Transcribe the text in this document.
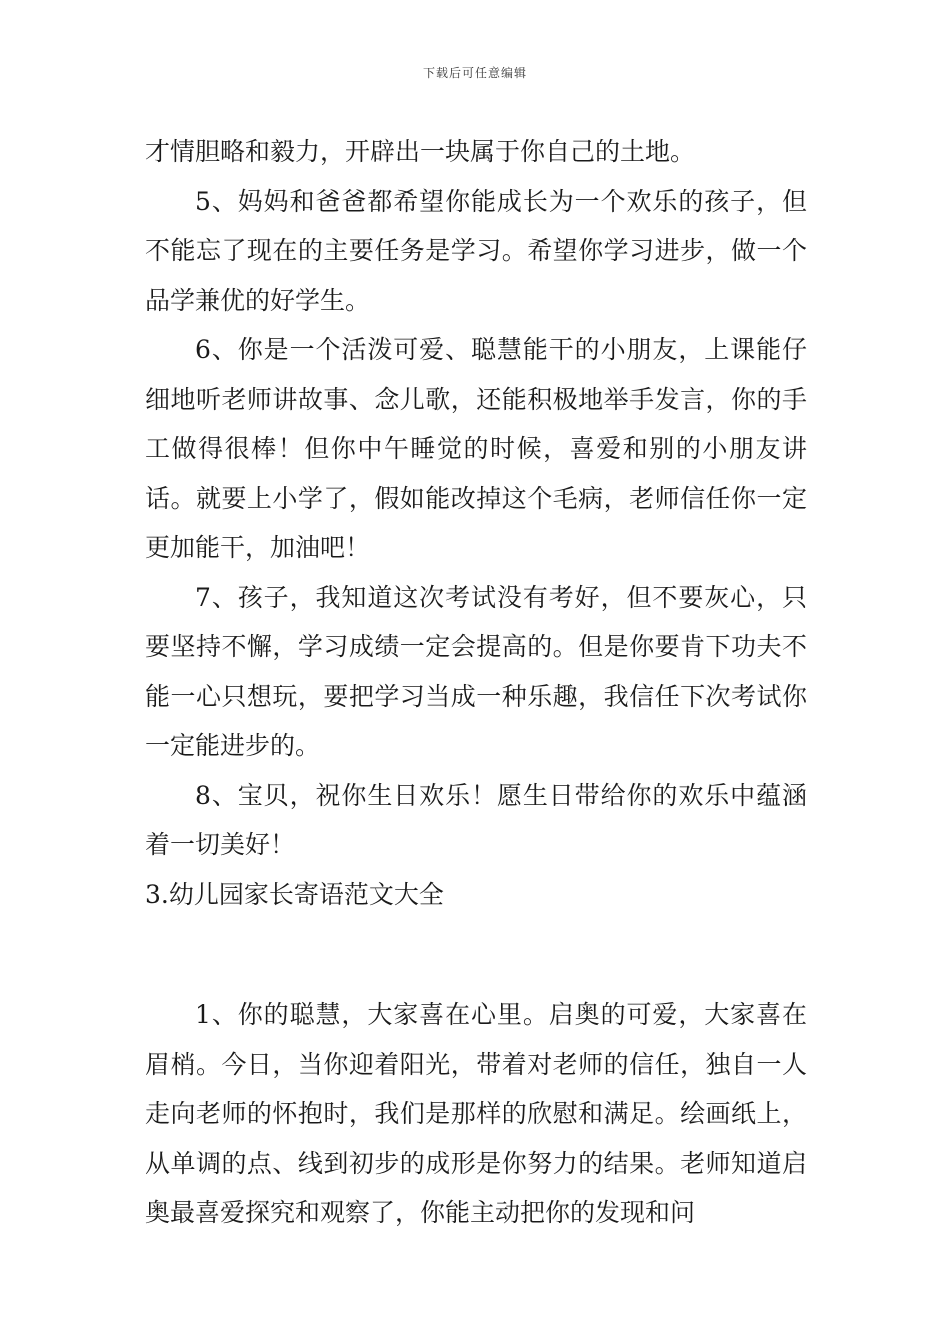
下载后可任意编辑

才情胆略和毅力，开辟出一块属于你自己的土地。

5、妈妈和爸爸都希望你能成长为一个欢乐的孩子，但不能忘了现在的主要任务是学习。希望你学习进步，做一个品学兼优的好学生。

6、你是一个活泼可爱、聪慧能干的小朋友，上课能仔细地听老师讲故事、念儿歌，还能积极地举手发言，你的手工做得很棒！但你中午睡觉的时候，喜爱和别的小朋友讲话。就要上小学了，假如能改掉这个毛病，老师信任你一定更加能干，加油吧！

7、孩子，我知道这次考试没有考好，但不要灰心，只要坚持不懈，学习成绩一定会提高的。但是你要肯下功夫不能一心只想玩，要把学习当成一种乐趣，我信任下次考试你一定能进步的。

8、宝贝，祝你生日欢乐！愿生日带给你的欢乐中蕴涵着一切美好！

3.幼儿园家长寄语范文大全

1、你的聪慧，大家喜在心里。启奥的可爱，大家喜在眉梢。今日，当你迎着阳光，带着对老师的信任，独自一人走向老师的怀抱时，我们是那样的欣慰和满足。绘画纸上，从单调的点、线到初步的成形是你努力的结果。老师知道启奥最喜爱探究和观察了，你能主动把你的发现和问
